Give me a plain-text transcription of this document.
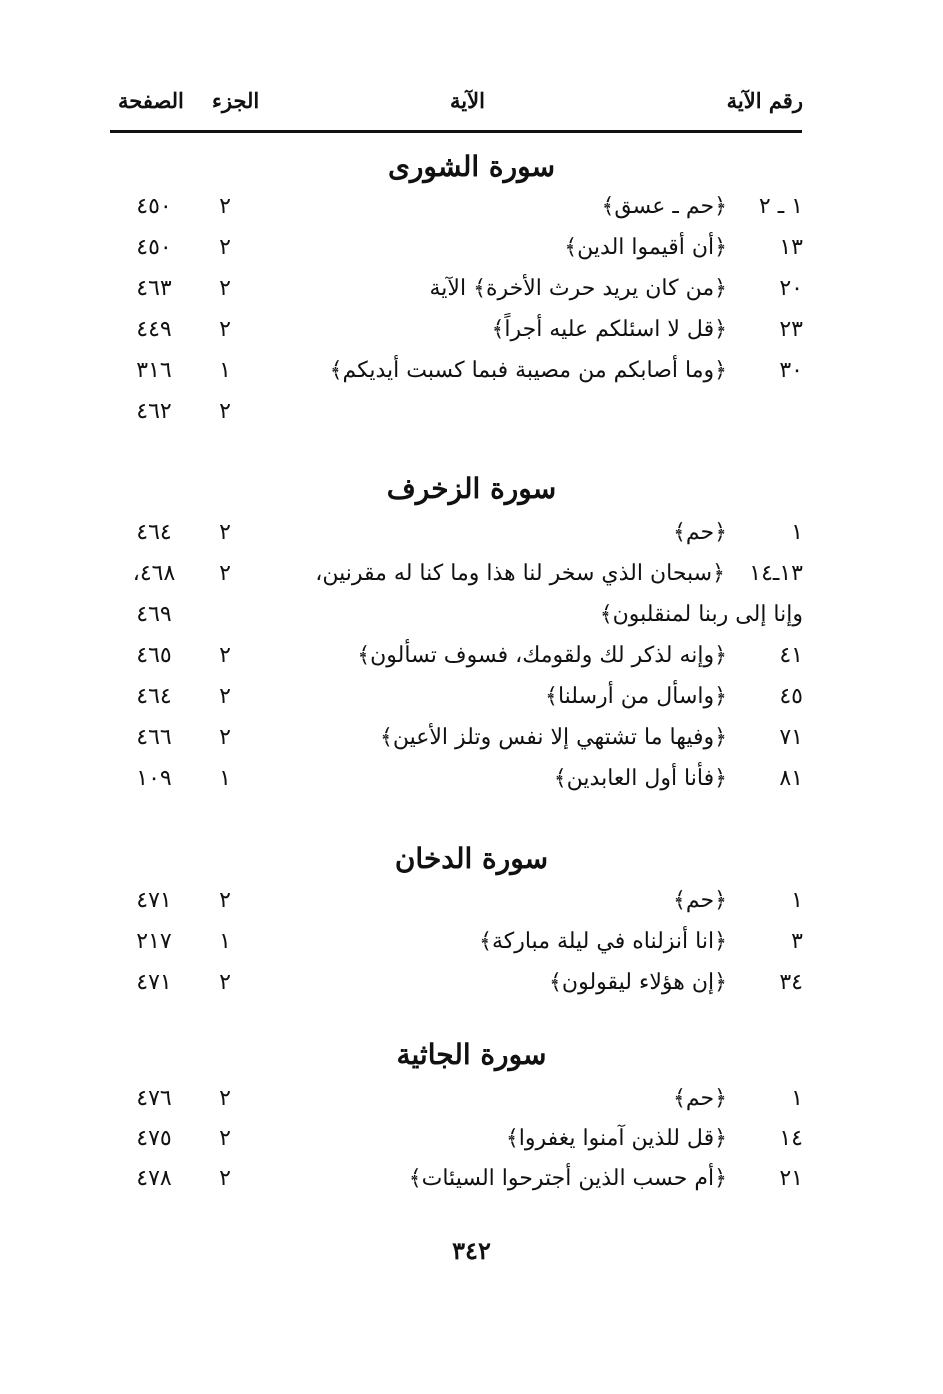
رقم الآية
الآية
الجزء
الصفحة
سورة الشورى
١ ـ ٢
﴿حم ـ عسق﴾
٢
٤٥٠
١٣
﴿أن أقيموا الدين﴾
٢
٤٥٠
٢٠
﴿من كان يريد حرث الأخرة﴾ الآية
٢
٤٦٣
٢٣
﴿قل لا اسئلكم عليه أجراً﴾
٢
٤٤٩
٣٠
﴿وما أصابكم من مصيبة فبما كسبت أيديكم﴾
١
٣١٦
٢
٤٦٢
سورة الزخرف
١
﴿حم﴾
٢
٤٦٤
١٣ـ١٤
﴿سبحان الذي سخر لنا هذا وما كنا له مقرنين،
٢
٤٦٨،
وإنا إلى ربنا لمنقلبون﴾
٤٦٩
٤١
﴿وإنه لذكر لك ولقومك، فسوف تسألون﴾
٢
٤٦٥
٤٥
﴿واسأل من أرسلنا﴾
٢
٤٦٤
٧١
﴿وفيها ما تشتهي إلا نفس وتلز الأعين﴾
٢
٤٦٦
٨١
﴿فأنا أول العابدين﴾
١
١٠٩
سورة الدخان
١
﴿حم﴾
٢
٤٧١
٣
﴿انا أنزلناه في ليلة مباركة﴾
١
٢١٧
٣٤
﴿إن هؤلاء ليقولون﴾
٢
٤٧١
سورة الجاثية
١
﴿حم﴾
٢
٤٧٦
١٤
﴿قل للذين آمنوا يغفروا﴾
٢
٤٧٥
٢١
﴿أم حسب الذين أجترحوا السيئات﴾
٢
٤٧٨
٣٤٢
